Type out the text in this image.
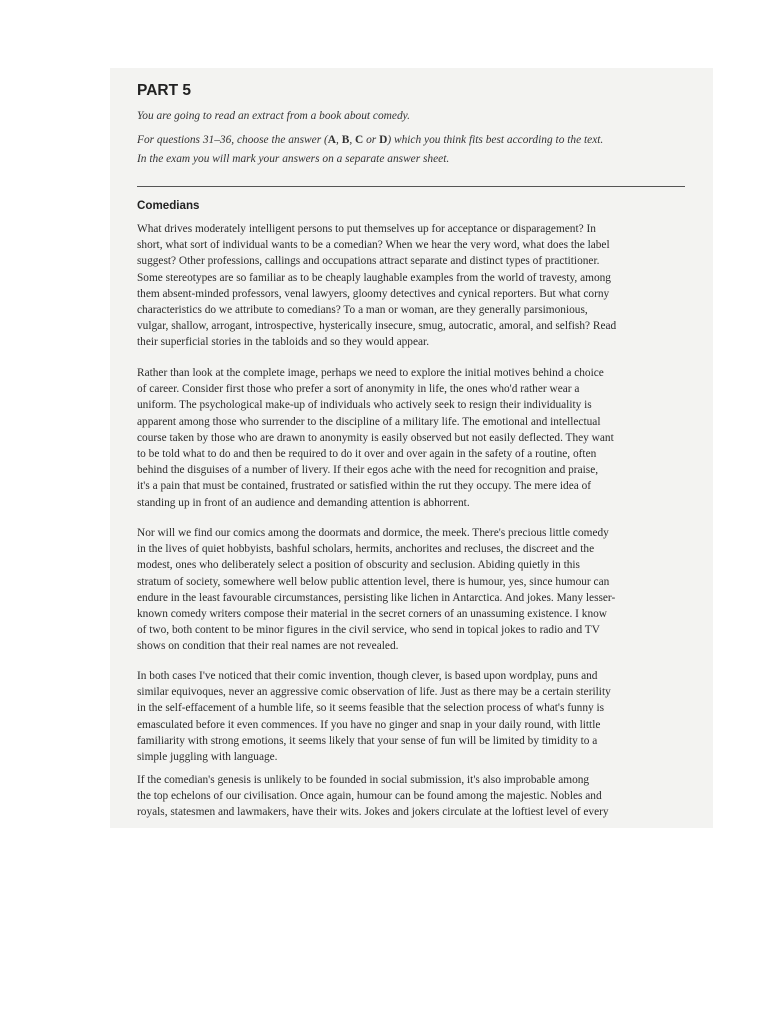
PART 5

You are going to read an extract from a book about comedy.

For questions 31–36, choose the answer (A, B, C or D) which you think fits best according to the text.

In the exam you will mark your answers on a separate answer sheet.

Comedians

What drives moderately intelligent persons to put themselves up for acceptance or disparagement? In
short, what sort of individual wants to be a comedian? When we hear the very word, what does the label
suggest? Other professions, callings and occupations attract separate and distinct types of practitioner.
Some stereotypes are so familiar as to be cheaply laughable examples from the world of travesty, among
them absent-minded professors, venal lawyers, gloomy detectives and cynical reporters. But what corny
characteristics do we attribute to comedians? To a man or woman, are they generally parsimonious,
vulgar, shallow, arrogant, introspective, hysterically insecure, smug, autocratic, amoral, and selfish? Read
their superficial stories in the tabloids and so they would appear.

Rather than look at the complete image, perhaps we need to explore the initial motives behind a choice
of career. Consider first those who prefer a sort of anonymity in life, the ones who'd rather wear a
uniform. The psychological make-up of individuals who actively seek to resign their individuality is
apparent among those who surrender to the discipline of a military life. The emotional and intellectual
course taken by those who are drawn to anonymity is easily observed but not easily deflected. They want
to be told what to do and then be required to do it over and over again in the safety of a routine, often
behind the disguises of a number of livery. If their egos ache with the need for recognition and praise,
it's a pain that must be contained, frustrated or satisfied within the rut they occupy. The mere idea of
standing up in front of an audience and demanding attention is abhorrent.

Nor will we find our comics among the doormats and dormice, the meek. There's precious little comedy
in the lives of quiet hobbyists, bashful scholars, hermits, anchorites and recluses, the discreet and the
modest, ones who deliberately select a position of obscurity and seclusion. Abiding quietly in this
stratum of society, somewhere well below public attention level, there is humour, yes, since humour can
endure in the least favourable circumstances, persisting like lichen in Antarctica. And jokes. Many lesser-
known comedy writers compose their material in the secret corners of an unassuming existence. I know
of two, both content to be minor figures in the civil service, who send in topical jokes to radio and TV
shows on condition that their real names are not revealed.

In both cases I've noticed that their comic invention, though clever, is based upon wordplay, puns and
similar equivoques, never an aggressive comic observation of life. Just as there may be a certain sterility
in the self-effacement of a humble life, so it seems feasible that the selection process of what's funny is
emasculated before it even commences. If you have no ginger and snap in your daily round, with little
familiarity with strong emotions, it seems likely that your sense of fun will be limited by timidity to a
simple juggling with language.

If the comedian's genesis is unlikely to be founded in social submission, it's also improbable among
the top echelons of our civilisation. Once again, humour can be found among the majestic. Nobles and
royals, statesmen and lawmakers, have their wits. Jokes and jokers circulate at the loftiest level of every
